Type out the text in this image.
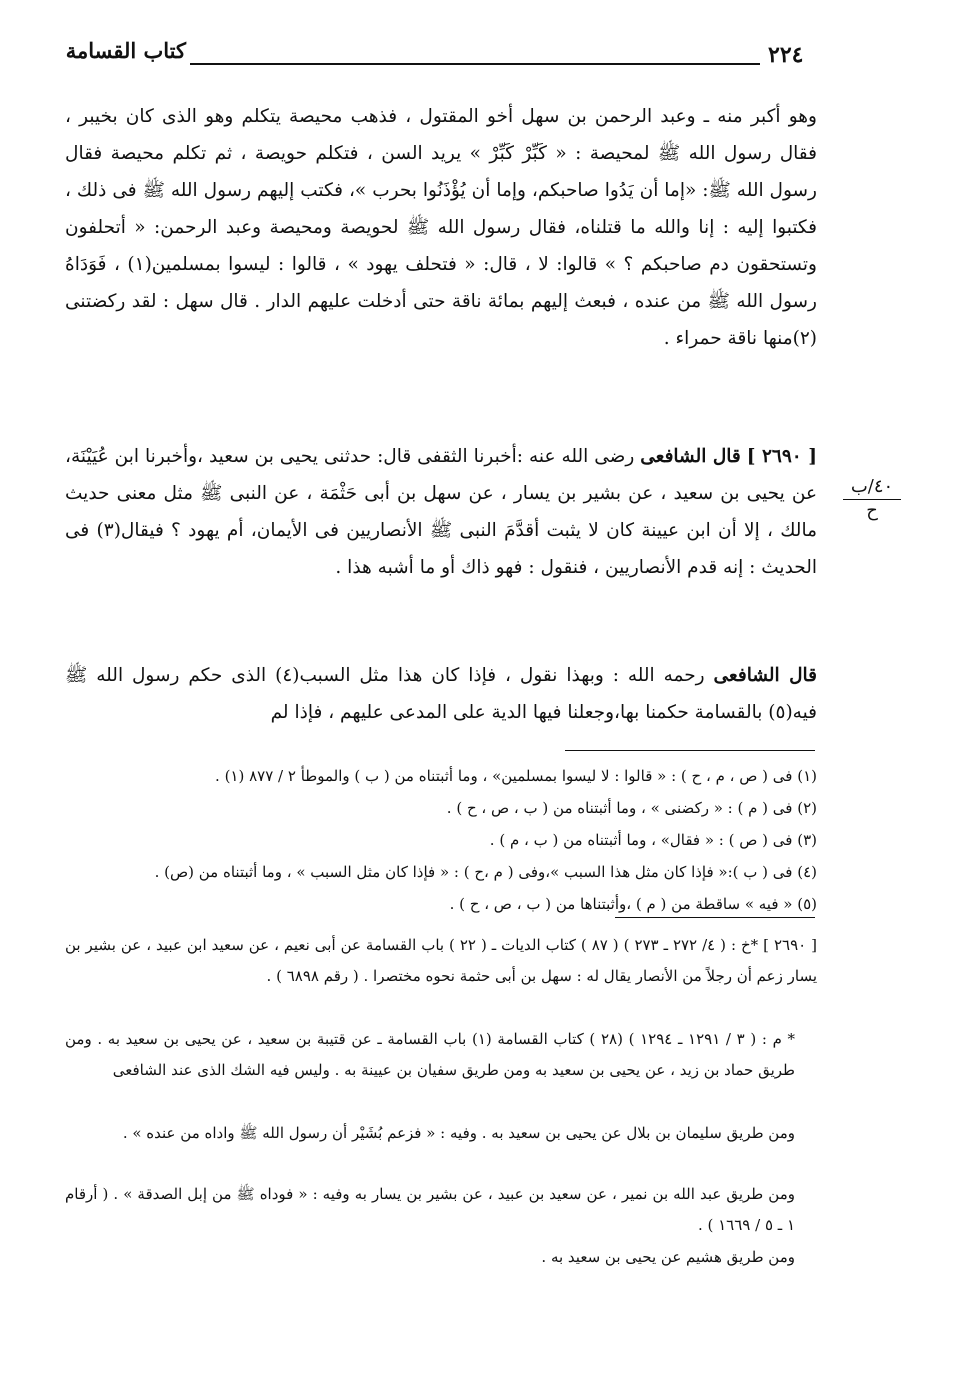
كتاب القسامة	٢٢٤

وهو أكبر منه ـ وعبد الرحمن بن سهل أخو المقتول ، فذهب محيصة يتكلم وهو الذى كان بخيبر ، فقال رسول الله ﷺ لمحيصة : « كَبِّرْ كَبِّرْ » يريد السن ، فتكلم حويصة ، ثم تكلم محيصة فقال رسول الله ﷺ: «إما أن يَدُوا صاحبكم، وإما أن يُؤْذَنُوا بحرب »، فكتب إليهم رسول الله ﷺ فى ذلك ، فكتبوا إليه : إنا والله ما قتلناه، فقال رسول الله ﷺ لحويصة ومحيصة وعبد الرحمن: « أتحلفون وتستحقون دم صاحبكم ؟ » قالوا: لا ، قال: « فتحلف يهود » ، قالوا : ليسوا بمسلمين(١) ، فَوَدَاهُ رسول الله ﷺ من عنده ، فبعث إليهم بمائة ناقة حتى أدخلت عليهم الدار . قال سهل : لقد ركضتنى (٢)منها ناقة حمراء .

[ ٢٦٩٠ ] قال الشافعى رضى الله عنه :أخبرنا الثقفى قال: حدثنى يحيى بن سعيد ،وأخبرنا ابن عُيَيْنَة، عن يحيى بن سعيد ، عن بشير بن يسار ، عن سهل بن أبى حَثْمَة ، عن النبى ﷺ مثل معنى حديث مالك ، إلا أن ابن عيينة كان لا يثبت أقدَّمَ النبى ﷺ الأنصاريين فى الأيمان، أم يهود ؟ فيقال(٣) فى الحديث : إنه قدم الأنصاريين ، فنقول : فهو ذاك أو ما أشبه هذا .

٤٠/ب
ح

قال الشافعى رحمه الله : وبهذا نقول ، فإذا كان هذا مثل السبب(٤) الذى حكم رسول الله ﷺ فيه(٥) بالقسامة حكمنا بها،وجعلنا فيها الدية على المدعى عليهم ، فإذا لم

(١) فى ( ص ، م ، ح ) : « قالوا : لا ليسوا بمسلمين» ، وما أثبتناه من ( ب ) والموطأ ٢ / ٨٧٧ (١) .

(٢) فى ( م ) : « ركضنى » ، وما أثبتناه من ( ب ، ص ، ح ) .

(٣) فى ( ص ) : « فقال» ، وما أثبتناه من ( ب ، م ) .

(٤) فى ( ب ):« فإذا كان مثل هذا السبب »،وفى ( م ،ح ) : « فإذا كان مثل السبب » ، وما أثبتناه من (ص) .

(٥) « فيه » ساقطة من ( م ) ،وأثبتناها من ( ب ، ص ، ح ) .

[ ٢٦٩٠ ] *خ : ( ٤/ ٢٧٢ ـ ٢٧٣ ) ( ٨٧ ) كتاب الديات ـ ( ٢٢ ) باب القسامة عن أبى نعيم ، عن سعيد ابن عبيد ، عن بشير بن يسار زعم أن رجلاً من الأنصار يقال له : سهل بن أبى حثمة نحوه مختصرا . ( رقم ٦٨٩٨ ) .

* م : ( ٣ / ١٢٩١ ـ ١٢٩٤ ) (٢٨ ) كتاب القسامة (١) باب القسامة ـ عن قتيبة بن سعيد ، عن يحيى بن سعيد به . ومن طريق حماد بن زيد ، عن يحيى بن سعيد به ومن طريق سفيان بن عيينة به . وليس فيه الشك الذى عند الشافعى

ومن طريق سليمان بن بلال عن يحيى بن سعيد به . وفيه : « فزعم بُشَيْر أن رسول الله ﷺ واداه من عنده » .

ومن طريق عبد الله بن نمير ، عن سعيد بن عبيد ، عن بشير بن يسار به وفيه : « فوداه ﷺ من إبل الصدقة » . ( أرقام ١ ـ ٥ / ١٦٦٩ ) .

ومن طريق هشيم عن يحيى بن سعيد به .
